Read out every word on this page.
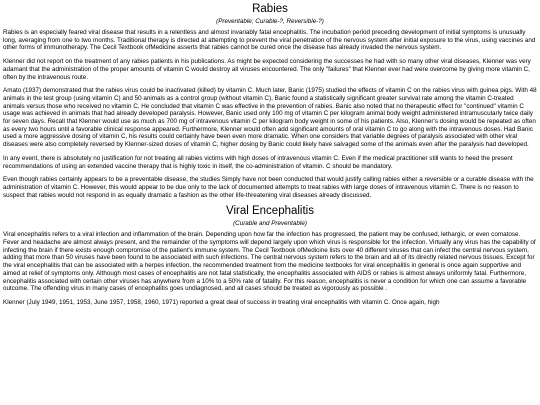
Rabies
(Preventable; Curable-?, Reversible-?)

Rabies is an especially feared viral disease that results in a relentless and almost invariably fatal encephalitis. The incubation period preceding development of initial symptoms is unusually long, averaging from one to two months. Traditional therapy is directed at attempting to prevent the viral penetration of the nervous system after initial exposure to the virus, using vaccines and other forms of immunotherapy. The Cecil Textbook ofMedicine asserts that rabies cannot be cured once the disease has already invaded the nervous system.

Klenner did not report on the treatment of any rabies patients in his publications. As might be expected considering the successes he had with so many other viral diseases, Klenner was very adamant that the administration of the proper amounts of vitamin C would destroy all viruses encountered. The only "failures" that Klenner ever had were overcome by giving more vitamin C, often by the intravenous route.

Amato (1937) demonstrated that the rabies virus could be inactivated (killed) by vitamin C. Much later, Banic (1975) studied the effects of vitamin C on the rabies virus with guinea pigs. With 48 animals in the test group (using vitamin C) and 50 animals as a control group (without vitamin C), Banic found a statistically significant greater survival rate among the vitamin C-treated animals versus those who received no vitamin C. He concluded that vitamin C was effective in the prevention of rabies. Banic also noted that no therapeutic effect for "continued" vitamin C usage was achieved in animals that had already developed paralysis. However, Banic used only 100 mg of vitamin C per kilogram animal body weight administered intramuscularly twice daily for seven days. Recall that Klenner would use as much as 700 mg of intravenous vitamin C per kilogram body weight in some of his patients. Also, Klenner's dosing would be repeated as often as every two hours until a favorable clinical response appeared. Furthermore, Klenner would often add significant amounts of oral vitamin C to go along with the intravenous doses. Had Banic used a more aggressive dosing of vitamin C, his results could certainly have been even more dramatic. When one considers that variable degrees of paralysis associated with other viral diseases were also completely reversed by Klenner-sized doses of vitamin C, higher dosing by Banic could likely have salvaged some of the animals even after the paralysis had developed.

In any event, there is absolutely no justification for not treating all rabies victims with high doses of intravenous vitamin C. Even if the medical practitioner still wants to heed the present recommendations of using an extended vaccine therapy that is highly toxic in itself, the co-administration of vitamin. C should be mandatory.

Even though rabies certainly appears to be a preventable disease, the studies Simply have not been conducted that would justify calling rabies either a reversible or a curable disease with the administration of vitamin C. However, this would appear to be due only to the lack of documented attempts to treat rabies with large doses of intravenous vitamin C. There is no reason to suspect that rabies would not respond in as equally dramatic a fashion as the other life-threatening viral diseases already discussed.

Viral Encephalitis
(Curable and Preventable)

Viral encephalitis refers to a viral infection and inflammation of the brain. Depending upon how far the infection has progressed, the patient may be confused, lethargic, or even comatose. Fever and headache are almost always present, and the remainder of the symptoms will depend largely upon which virus is responsible for the infection. Virtually any virus has the capability of infecting the brain if there exists enough compromise of the patient's immune system. The Cecil Textbook ofMedicine lists over 40 different viruses that can infect the central nervous system, adding that more than 50 viruses have been found to be associated with such infections. The central nervous system refers to the brain and all of its directly related nervous tissues. Except for the viral encephalitis that can be associated with a herpes infection, the recommended treatment from the medicine textbooks for viral encephalitis in general is once again supportive and aimed at relief of symptoms only. Although most cases of encephalitis are not fatal statistically, the encephalitis associated with AIDS or rabies is almost always uniformly fatal. Furthermore, encephalitis associated with certain other viruses has anywhere from a 10% to a 50% rate of fatality. For this reason, encephalitis is never a condition for which one can assume a favorable outcome. The offending virus in many cases of encephalitis goes undiagnosed, and all cases should be treated as vigorously as possible .

Klenner (July 1949, 1951, 1953, June 1957, 1958, 1960, 1971) reported a great deal of success in treating viral encephalitis with vitamin C. Once again, high
